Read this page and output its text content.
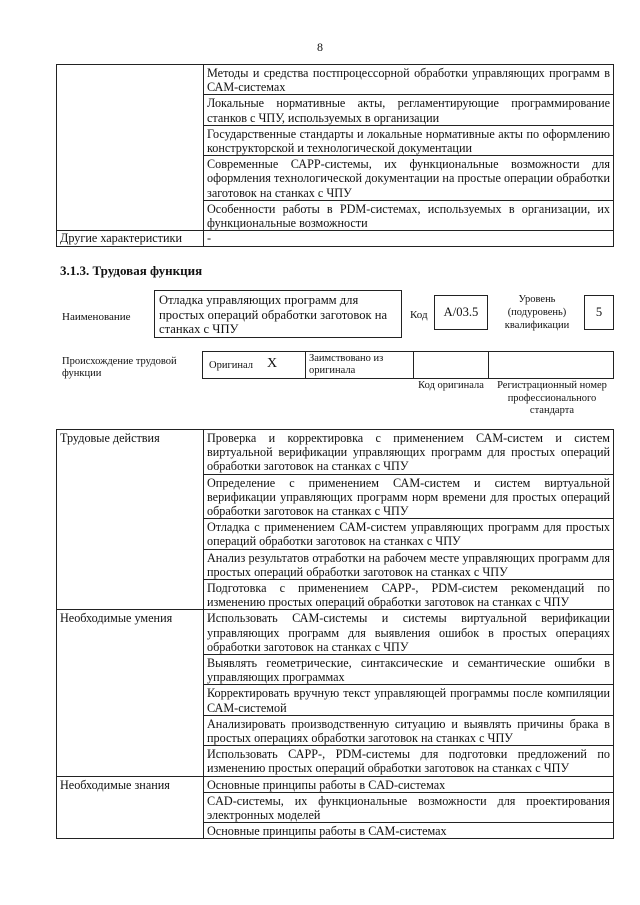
8
	Методы и средства постпроцессорной обработки управляющих программ в САМ-системах
	Локальные нормативные акты, регламентирующие программирование станков с ЧПУ, используемых в организации
	Государственные стандарты и локальные нормативные акты по оформлению конструкторской и технологической документации
	Современные САРР-системы, их функциональные возможности для оформления технологической документации на простые операции обработки заготовок на станках с ЧПУ
	Особенности работы в PDM-системах, используемых в организации, их функциональные возможности
Другие характеристики	-
3.1.3. Трудовая функция
Наименование
Отладка управляющих программ для простых операций обработки заготовок на станках с ЧПУ
Код	A/03.5
Уровень (подуровень) квалификации
5
Происхождение трудовой функции
Оригинал X	Заимствовано из оригинала
Код оригинала	Регистрационный номер профессионального стандарта
Трудовые действия	Проверка и корректировка с применением САМ-систем и систем виртуальной верификации управляющих программ для простых операций обработки заготовок на станках с ЧПУ
	Определение с применением САМ-систем и систем виртуальной верификации управляющих программ норм времени для простых операций обработки заготовок на станках с ЧПУ
	Отладка с применением САМ-систем управляющих программ для простых операций обработки заготовок на станках с ЧПУ
	Анализ результатов отработки на рабочем месте управляющих программ для простых операций обработки заготовок на станках с ЧПУ
	Подготовка с применением САРР-, PDM-систем рекомендаций по изменению простых операций обработки заготовок на станках с ЧПУ
Необходимые умения	Использовать САМ-системы и системы виртуальной верификации управляющих программ для выявления ошибок в простых операциях обработки заготовок на станках с ЧПУ
	Выявлять геометрические, синтаксические и семантические ошибки в управляющих программах
	Корректировать вручную текст управляющей программы после компиляции САМ-системой
	Анализировать производственную ситуацию и выявлять причины брака в простых операциях обработки заготовок на станках с ЧПУ
	Использовать САРР-, PDM-системы для подготовки предложений по изменению простых операций обработки заготовок на станках с ЧПУ
Необходимые знания	Основные принципы работы в CAD-системах
	CAD-системы, их функциональные возможности для проектирования электронных моделей
	Основные принципы работы в САМ-системах
